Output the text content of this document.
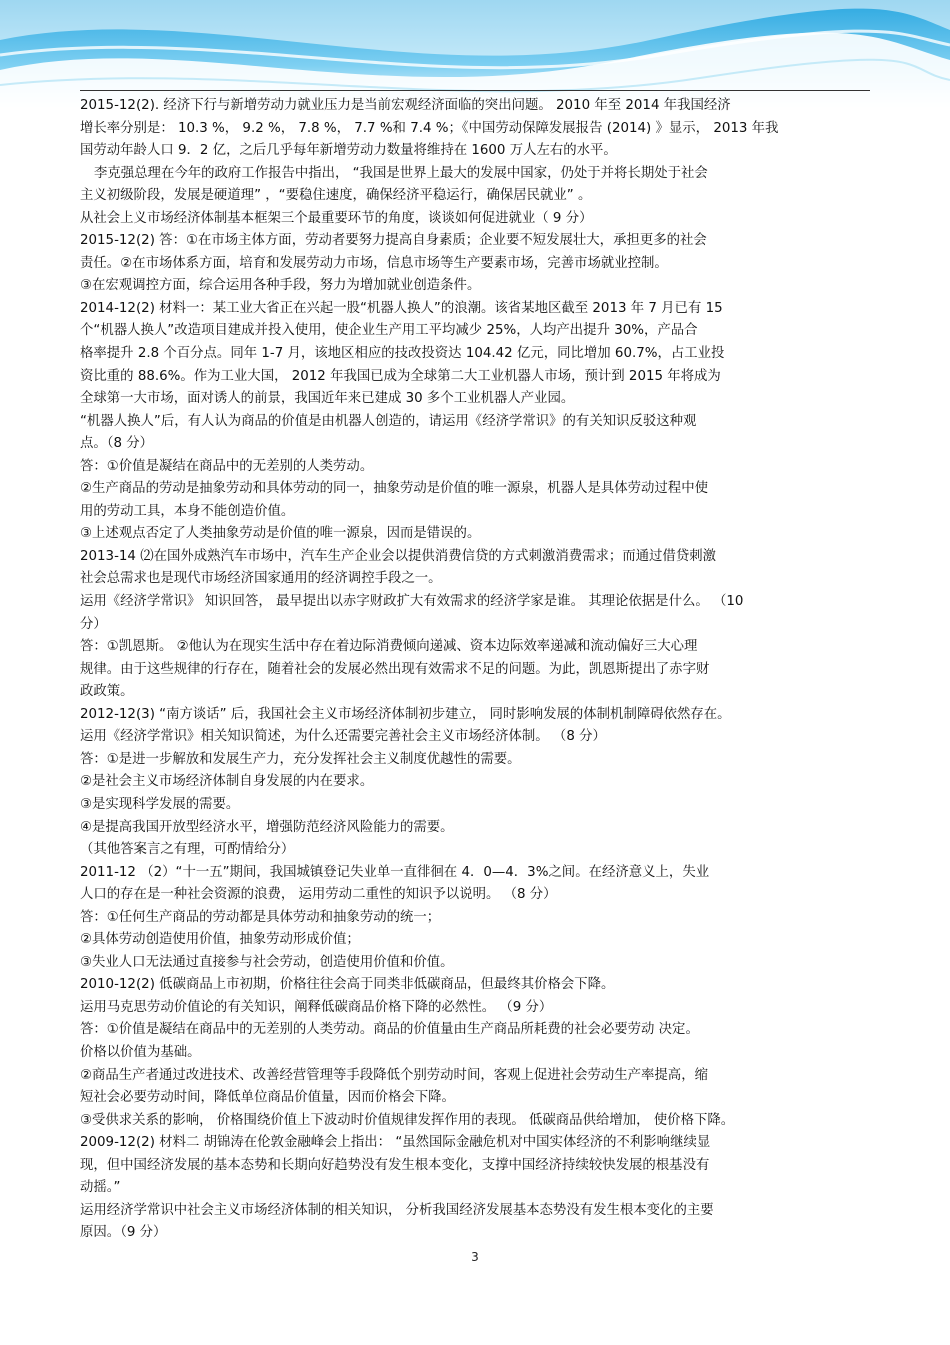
2015-12(2). 经济下行与新增劳动力就业压力是当前宏观经济面临的突出问题。 2010 年至 2014 年我国经济
增长率分别是： 10.3 %， 9.2 %， 7.8 %， 7.7 %和 7.4 %；《中国劳动保障发展报告 (2014) 》显示， 2013 年我
国劳动年龄人口 9．2 亿，之后几乎每年新增劳动力数量将维持在 1600 万人左右的水平。
李克强总理在今年的政府工作报告中指出， “我国是世界上最大的发展中国家，仍处于并将长期处于社会
主义初级阶段，发展是硬道理” ，“要稳住速度，确保经济平稳运行，确保居民就业” 。
从社会上义市场经济体制基本框架三个最重要环节的角度，谈谈如何促进就业（ 9 分）
2015-12(2) 答：①在市场主体方面，劳动者要努力提高自身素质；企业要不短发展壮大，承担更多的社会
责任。②在市场体系方面，培育和发展劳动力市场，信息市场等生产要素市场，完善市场就业控制。
③在宏观调控方面，综合运用各种手段，努力为增加就业创造条件。
2014-12(2) 材料一：某工业大省正在兴起一股“机器人换人”的浪潮。该省某地区截至 2013 年 7 月已有 15
个“机器人换人”改造项目建成并投入使用，使企业生产用工平均减少 25%，人均产出提升 30%，产品合
格率提升 2.8 个百分点。同年 1-7 月，该地区相应的技改投资达 104.42 亿元，同比增加 60.7%，占工业投
资比重的 88.6%。作为工业大国， 2012 年我国已成为全球第二大工业机器人市场，预计到 2015 年将成为
全球第一大市场，面对诱人的前景，我国近年来已建成 30 多个工业机器人产业园。
“机器人换人”后，有人认为商品的价值是由机器人创造的，请运用《经济学常识》的有关知识反驳这种观
点。（8 分）
答：①价值是凝结在商品中的无差别的人类劳动。
②生产商品的劳动是抽象劳动和具体劳动的同一，抽象劳动是价值的唯一源泉，机器人是具体劳动过程中使
用的劳动工具，本身不能创造价值。
③上述观点否定了人类抽象劳动是价值的唯一源泉，因而是错误的。
2013-14 ⑵在国外成熟汽车市场中，汽车生产企业会以提供消费信贷的方式刺激消费需求；而通过借贷刺激
社会总需求也是现代市场经济国家通用的经济调控手段之一。
运用《经济学常识》 知识回答， 最早提出以赤字财政扩大有效需求的经济学家是谁。 其理论依据是什么。 （10
分）
答：①凯恩斯。 ②他认为在现实生活中存在着边际消费倾向递减、资本边际效率递减和流动偏好三大心理
规律。由于这些规律的行存在，随着社会的发展必然出现有效需求不足的问题。为此，凯恩斯提出了赤字财
政政策。
2012-12(3) “南方谈话” 后，我国社会主义市场经济体制初步建立， 同时影响发展的体制机制障碍依然存在。
运用《经济学常识》相关知识简述，为什么还需要完善社会主义市场经济体制。 （8 分）
答：①是进一步解放和发展生产力，充分发挥社会主义制度优越性的需要。
②是社会主义市场经济体制自身发展的内在要求。
③是实现科学发展的需要。
④是提高我国开放型经济水平，增强防范经济风险能力的需要。
（其他答案言之有理，可酌情给分）
2011-12 （2）“十一五”期间，我国城镇登记失业单一直徘徊在 4．0—4．3%之间。在经济意义上，失业
人口的存在是一种社会资源的浪费， 运用劳动二重性的知识予以说明。 （8 分）
答：①任何生产商品的劳动都是具体劳动和抽象劳动的统一；
②具体劳动创造使用价值，抽象劳动形成价值；
③失业人口无法通过直接参与社会劳动，创造使用价值和价值。
2010-12(2) 低碳商品上市初期，价格往往会高于同类非低碳商品，但最终其价格会下降。
运用马克思劳动价值论的有关知识，阐释低碳商品价格下降的必然性。 （9 分）
答：①价值是凝结在商品中的无差别的人类劳动。商品的价值量由生产商品所耗费的社会必要劳动 决定。
价格以价值为基础。
②商品生产者通过改进技术、改善经营管理等手段降低个别劳动时间，客观上促进社会劳动生产率提高，缩
短社会必要劳动时间，降低单位商品价值量，因而价格会下降。
③受供求关系的影响， 价格围绕价值上下波动时价值规律发挥作用的表现。 低碳商品供给增加， 使价格下降。
2009-12(2) 材料二 胡锦涛在伦敦金融峰会上指出： “虽然国际金融危机对中国实体经济的不利影响继续显
现，但中国经济发展的基本态势和长期向好趋势没有发生根本变化，支撑中国经济持续较快发展的根基没有
动摇。”
运用经济学常识中社会主义市场经济体制的相关知识， 分析我国经济发展基本态势没有发生根本变化的主要
原因。（9 分）
3
